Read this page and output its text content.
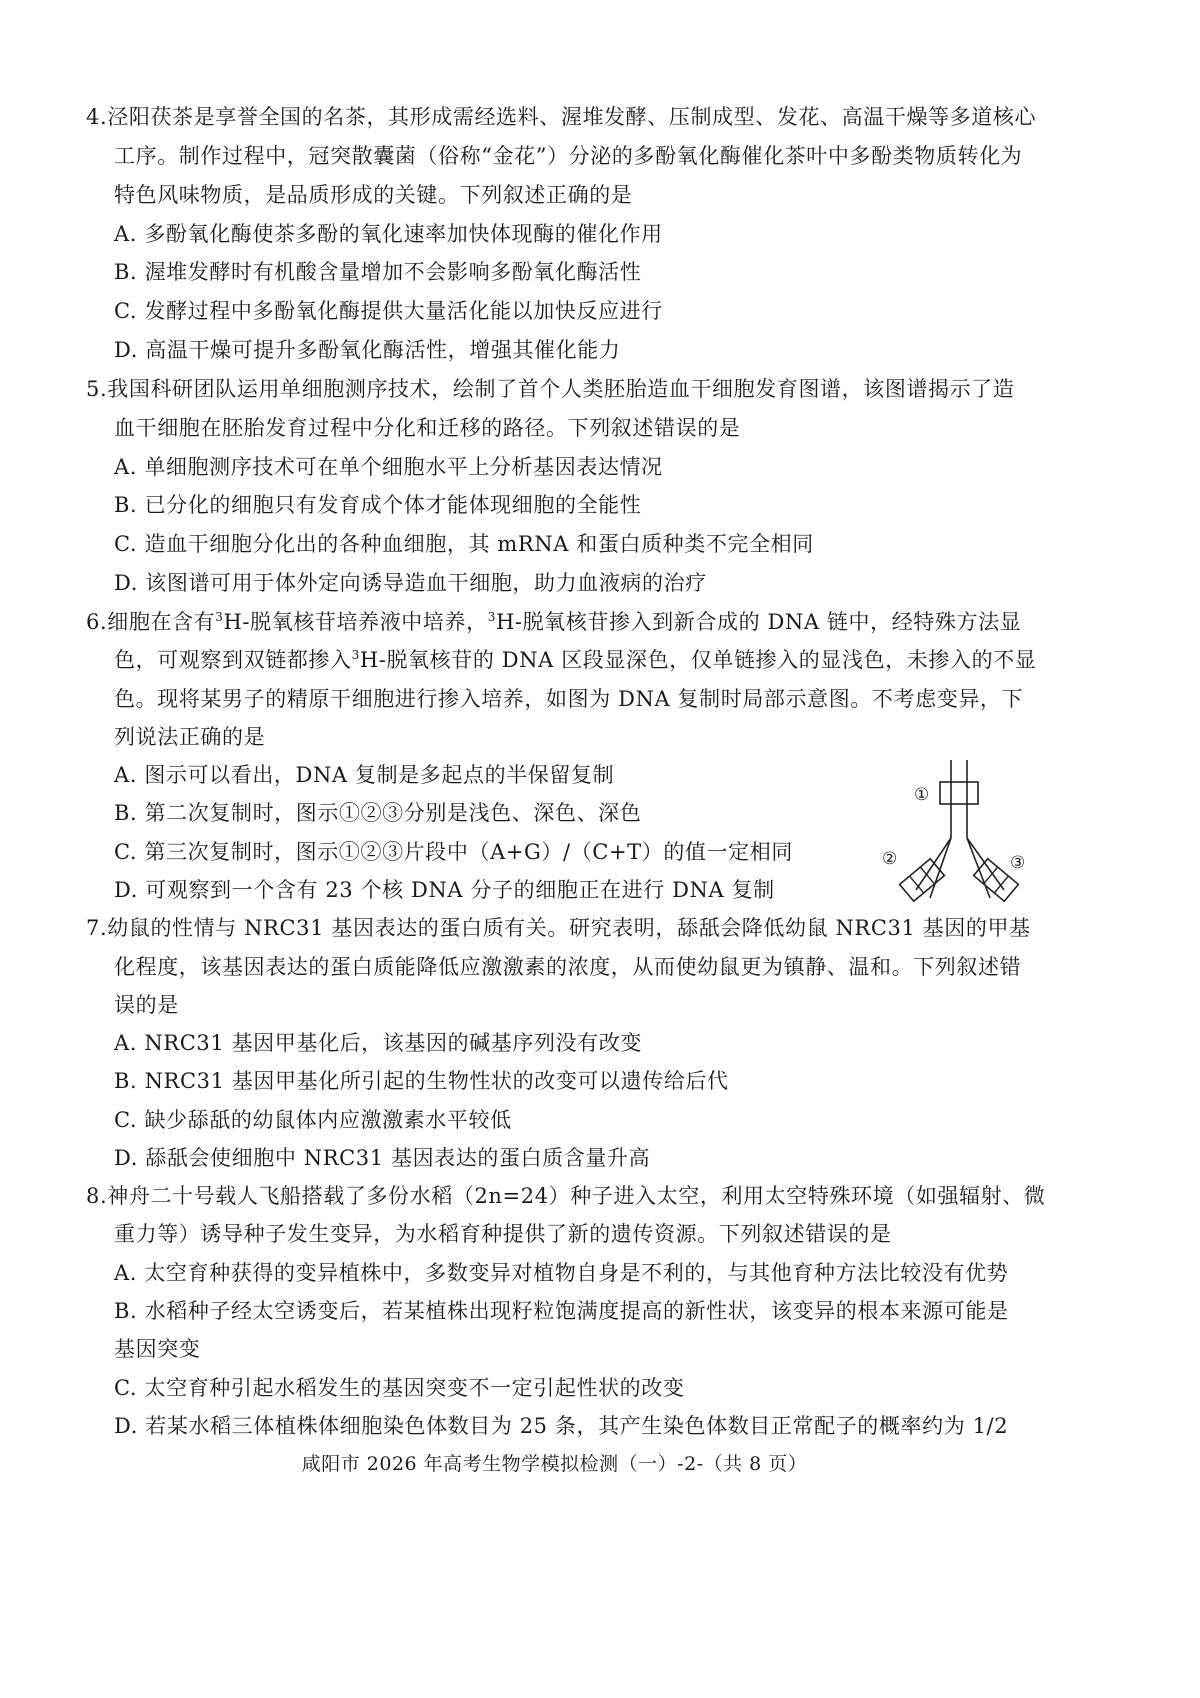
4.泾阳茯茶是享誉全国的名茶，其形成需经选料、渥堆发酵、压制成型、发花、高温干燥等多道核心
工序。制作过程中，冠突散囊菌（俗称“金花”）分泌的多酚氧化酶催化茶叶中多酚类物质转化为
特色风味物质，是品质形成的关键。下列叙述正确的是
A. 多酚氧化酶使茶多酚的氧化速率加快体现酶的催化作用
B. 渥堆发酵时有机酸含量增加不会影响多酚氧化酶活性
C. 发酵过程中多酚氧化酶提供大量活化能以加快反应进行
D. 高温干燥可提升多酚氧化酶活性，增强其催化能力
5.我国科研团队运用单细胞测序技术，绘制了首个人类胚胎造血干细胞发育图谱，该图谱揭示了造
血干细胞在胚胎发育过程中分化和迁移的路径。下列叙述错误的是
A. 单细胞测序技术可在单个细胞水平上分析基因表达情况
B. 已分化的细胞只有发育成个体才能体现细胞的全能性
C. 造血干细胞分化出的各种血细胞，其 mRNA 和蛋白质种类不完全相同
D. 该图谱可用于体外定向诱导造血干细胞，助力血液病的治疗
6.细胞在含有$^3$H-脱氧核苷培养液中培养，$^3$H-脱氧核苷掺入到新合成的 DNA 链中，经特殊方法显
色，可观察到双链都掺入$^3$H-脱氧核苷的 DNA 区段显深色，仅单链掺入的显浅色，未掺入的不显
色。现将某男子的精原干细胞进行掺入培养，如图为 DNA 复制时局部示意图。不考虑变异，下
列说法正确的是
A. 图示可以看出，DNA 复制是多起点的半保留复制
B. 第二次复制时，图示①②③分别是浅色、深色、深色
C. 第三次复制时，图示①②③片段中（A+G）/（C+T）的值一定相同
D. 可观察到一个含有 23 个核 DNA 分子的细胞正在进行 DNA 复制
①
②	③
7.幼鼠的性情与 NRC31 基因表达的蛋白质有关。研究表明，舔舐会降低幼鼠 NRC31 基因的甲基
化程度，该基因表达的蛋白质能降低应激激素的浓度，从而使幼鼠更为镇静、温和。下列叙述错
误的是
A. NRC31 基因甲基化后，该基因的碱基序列没有改变
B. NRC31 基因甲基化所引起的生物性状的改变可以遗传给后代
C. 缺少舔舐的幼鼠体内应激激素水平较低
D. 舔舐会使细胞中 NRC31 基因表达的蛋白质含量升高
8.神舟二十号载人飞船搭载了多份水稻（2n=24）种子进入太空，利用太空特殊环境（如强辐射、微
重力等）诱导种子发生变异，为水稻育种提供了新的遗传资源。下列叙述错误的是
A. 太空育种获得的变异植株中，多数变异对植物自身是不利的，与其他育种方法比较没有优势
B. 水稻种子经太空诱变后，若某植株出现籽粒饱满度提高的新性状，该变异的根本来源可能是
基因突变
C. 太空育种引起水稻发生的基因突变不一定引起性状的改变
D. 若某水稻三体植株体细胞染色体数目为 25 条，其产生染色体数目正常配子的概率约为 1/2
咸阳市 2026 年高考生物学模拟检测（一）-2-（共 8 页）
